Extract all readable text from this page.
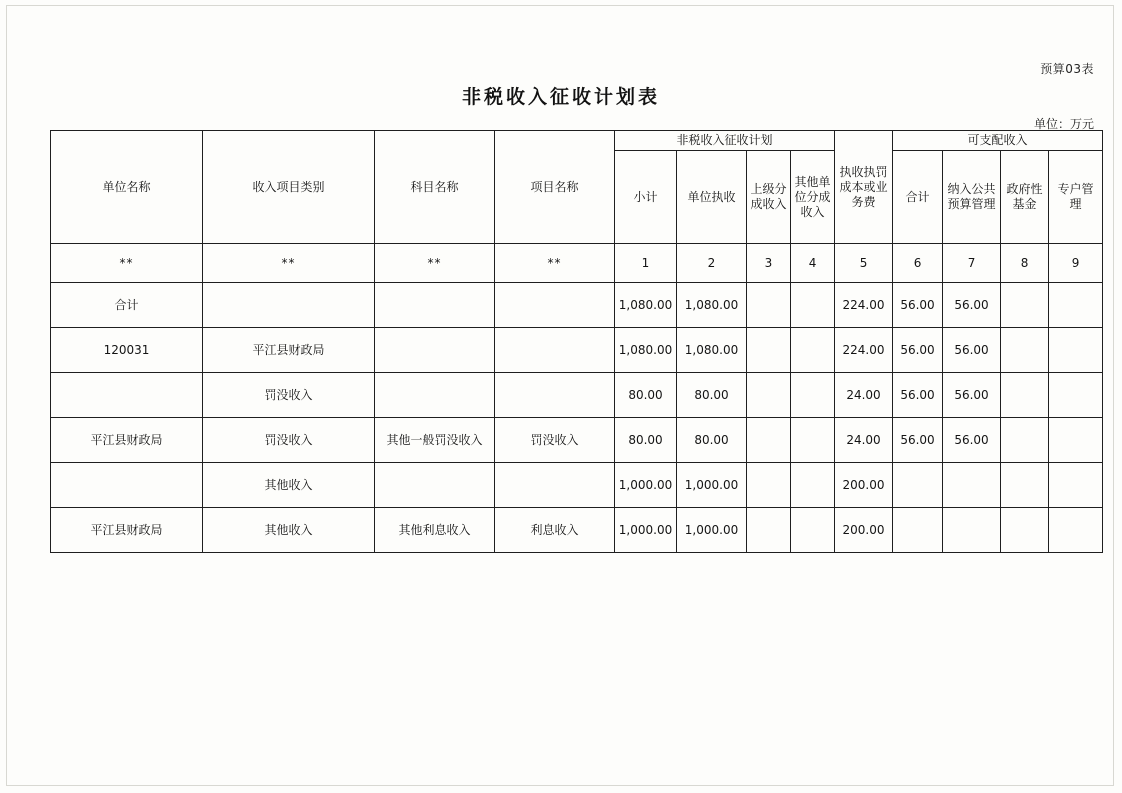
预算03表
非税收入征收计划表
单位：万元
单位名称	收入项目类别	科目名称	项目名称	非税收入征收计划				执收执罚成本或业务费	可支配收入			
				小计	单位执收	上级分成收入	其他单位分成收入		合计	纳入公共预算管理	政府性基金	专户管理
**	**	**	**	1	2	3	4	5	6	7	8	9
合计				1,080.00	1,080.00			224.00	56.00	56.00		
120031	平江县财政局			1,080.00	1,080.00			224.00	56.00	56.00		
	罚没收入			80.00	80.00			24.00	56.00	56.00		
平江县财政局	罚没收入	其他一般罚没收入	罚没收入	80.00	80.00			24.00	56.00	56.00		
	其他收入			1,000.00	1,000.00			200.00				
平江县财政局	其他收入	其他利息收入	利息收入	1,000.00	1,000.00			200.00				
